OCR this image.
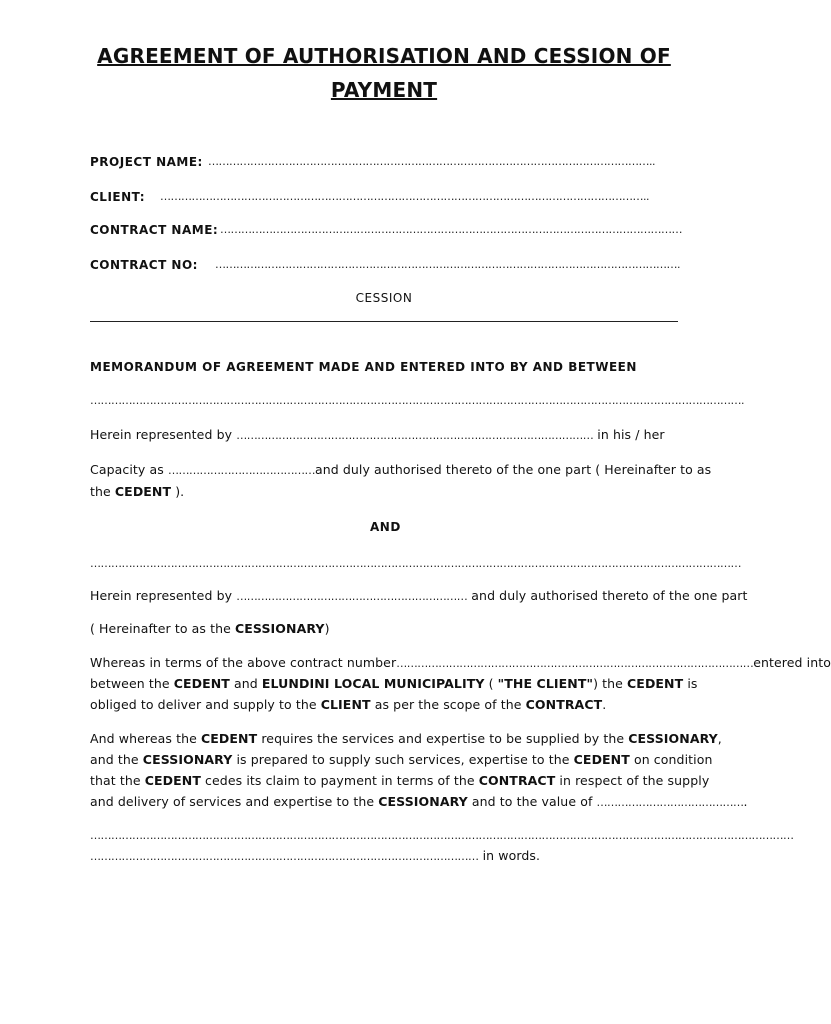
AGREEMENT OF AUTHORISATION AND CESSION OF
PAYMENT
PROJECT NAME: ………………………………………………………………………………………………………………..
CLIENT: …………………………………………………………………………………………………………………………..
CONTRACT NAME: ……………………………………………………………………………………………………………………
CONTRACT NO: …………………………………………………………………………………………………………………….
CESSION
MEMORANDUM OF AGREEMENT MADE AND ENTERED INTO BY AND BETWEEN
…………………………………………………………………………………………………………………………………………………………………….
Herein represented by ………………………………………………………………………………………… in his / her
Capacity as ……………………………………and duly authorised thereto of the one part ( Hereinafter to as
the CEDENT ).
AND
……………………………………………………………………………………………………………………………………………………………………
Herein represented by ………………………………………………………… and duly authorised thereto of the one part
( Hereinafter to as the CESSIONARY)
Whereas in terms of the above contract number…………………………………………………………………………………………entered into
between the CEDENT and ELUNDINI LOCAL MUNICIPALITY ( "THE CLIENT") the CEDENT is
obliged to deliver and supply to the CLIENT as per the scope of the CONTRACT.
And whereas the CEDENT requires the services and expertise to be supplied by the CESSIONARY,
and the CESSIONARY is prepared to supply such services, expertise to the CEDENT on condition
that the CEDENT cedes its claim to payment in terms of the CONTRACT in respect of the supply
and delivery of services and expertise to the CESSIONARY and to the value of …………………………………….
…………………………………………………………………………………………………………………………………………………………………………………
………………………………………………………………………………………………… in words.
